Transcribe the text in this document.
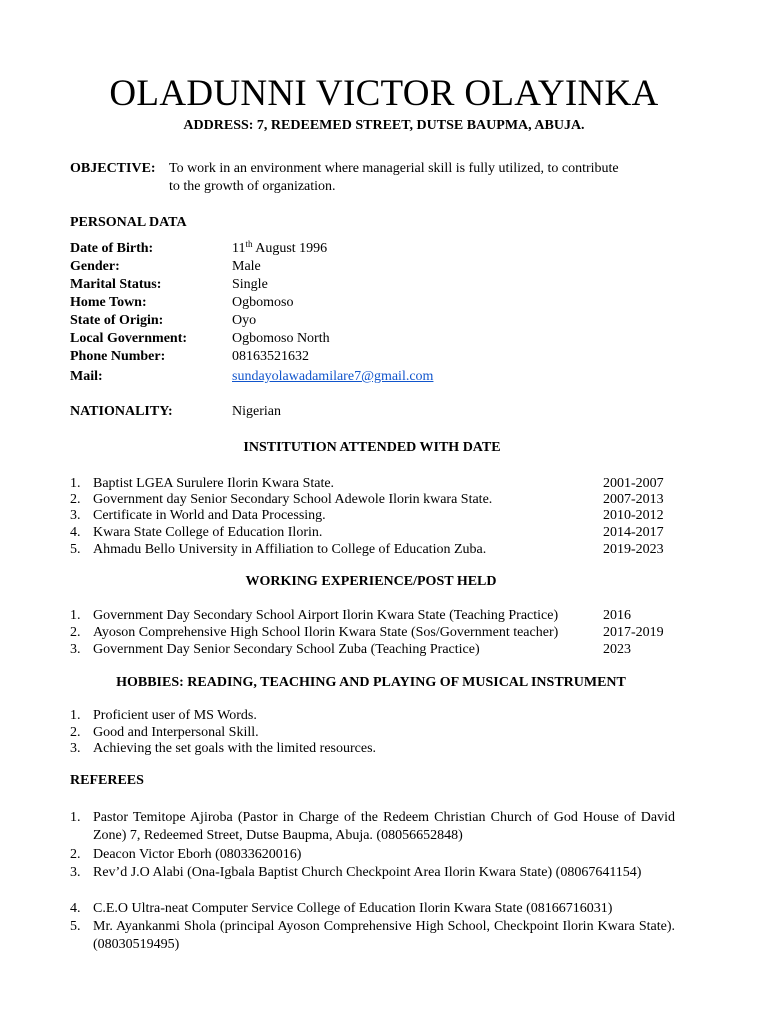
OLADUNNI VICTOR OLAYINKA
ADDRESS: 7, REDEEMED STREET, DUTSE BAUPMA, ABUJA.
OBJECTIVE: To work in an environment where managerial skill is fully utilized, to contribute
to the growth of organization.
PERSONAL DATA
Date of Birth:	11th August 1996
Gender:	Male
Marital Status:	Single
Home Town:	Ogbomoso
State of Origin:	Oyo
Local Government:	Ogbomoso North
Phone Number:	08163521632
Mail:	sundayolawadamilare7@gmail.com
NATIONALITY:	Nigerian
INSTITUTION ATTENDED WITH DATE
1. Baptist LGEA Surulere Ilorin Kwara State.	2001-2007
2. Government day Senior Secondary School Adewole Ilorin kwara State.	2007-2013
3. Certificate in World and Data Processing.	2010-2012
4. Kwara State College of Education Ilorin.	2014-2017
5. Ahmadu Bello University in Affiliation to College of Education Zuba.	2019-2023
WORKING EXPERIENCE/POST HELD
1. Government Day Secondary School Airport Ilorin Kwara State (Teaching Practice)	2016
2. Ayoson Comprehensive High School Ilorin Kwara State (Sos/Government teacher)	2017-2019
3. Government Day Senior Secondary School Zuba (Teaching Practice)	2023
HOBBIES: READING, TEACHING AND PLAYING OF MUSICAL INSTRUMENT
1. Proficient user of MS Words.
2. Good and Interpersonal Skill.
3. Achieving the set goals with the limited resources.
REFEREES
1. Pastor Temitope Ajiroba (Pastor in Charge of the Redeem Christian Church of God House of David Zone) 7, Redeemed Street, Dutse Baupma, Abuja. (08056652848)
2. Deacon Victor Eborh (08033620016)
3. Rev’d J.O Alabi (Ona-Igbala Baptist Church Checkpoint Area Ilorin Kwara State) (08067641154)
4. C.E.O Ultra-neat Computer Service College of Education Ilorin Kwara State (08166716031)
5. Mr. Ayankanmi Shola (principal Ayoson Comprehensive High School, Checkpoint Ilorin Kwara State). (08030519495)
